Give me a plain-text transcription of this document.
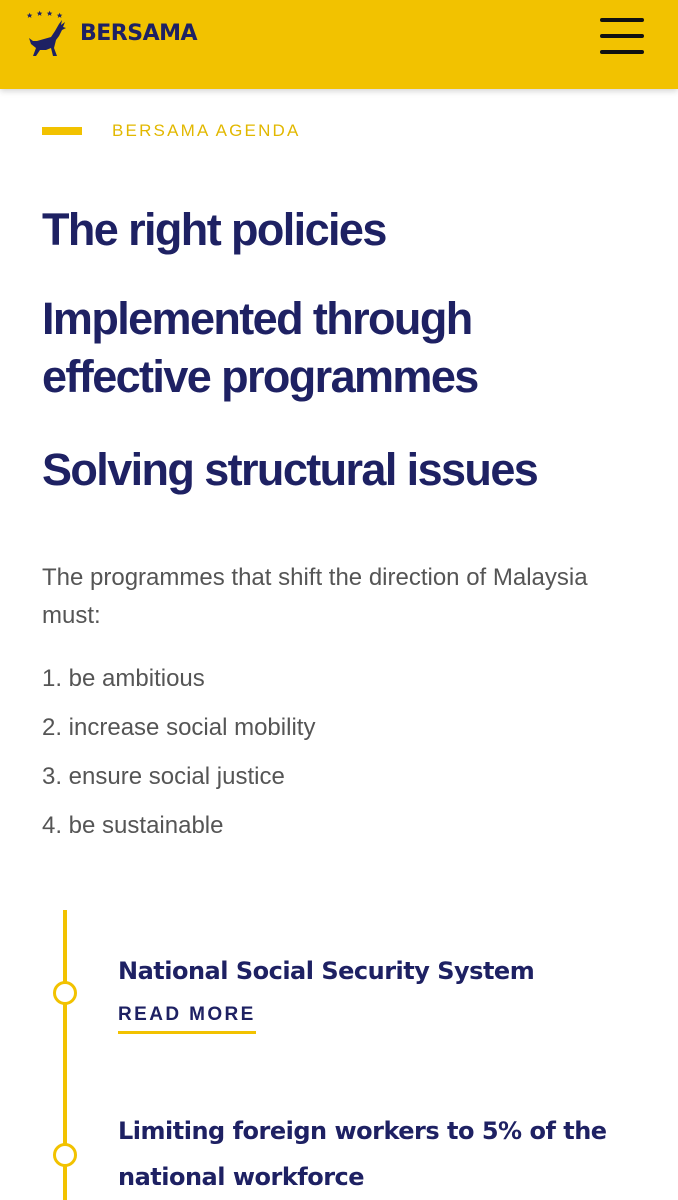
BERSAMA
BERSAMA AGENDA
The right policies
Implemented through effective programmes
Solving structural issues

The programmes that shift the direction of Malaysia must:

1. be ambitious
2. increase social mobility
3. ensure social justice
4. be sustainable
National Social Security System
READ MORE
Limiting foreign workers to 5% of the national workforce
